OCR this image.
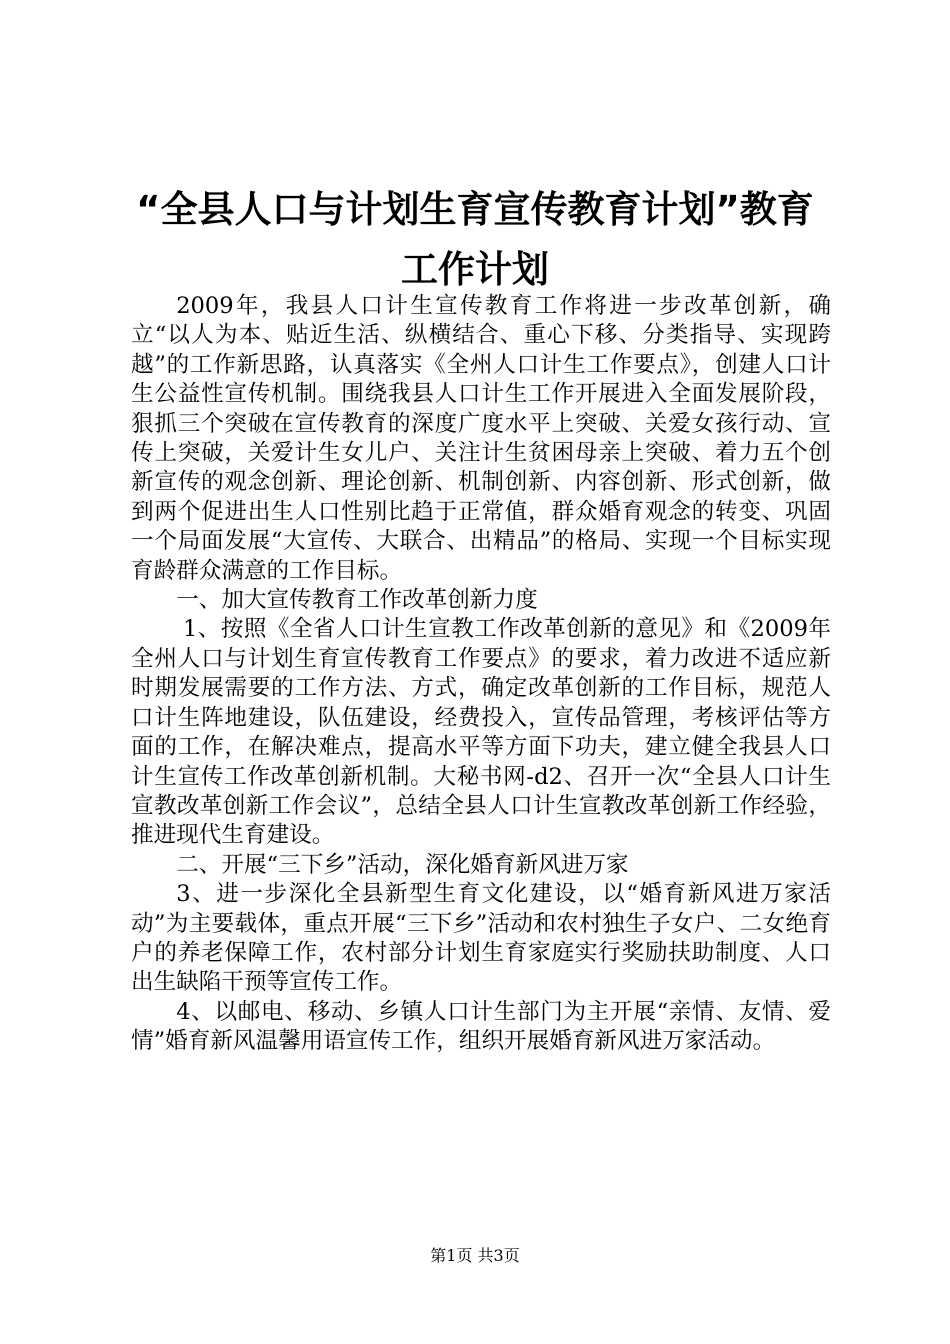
“全县人口与计划生育宣传教育计划”教育工作计划

2009年，我县人口计生宣传教育工作将进一步改革创新，确立“以人为本、贴近生活、纵横结合、重心下移、分类指导、实现跨越”的工作新思路，认真落实《全州人口计生工作要点》，创建人口计生公益性宣传机制。围绕我县人口计生工作开展进入全面发展阶段，狠抓三个突破在宣传教育的深度广度水平上突破、关爱女孩行动、宣传上突破，关爱计生女儿户、关注计生贫困母亲上突破、着力五个创新宣传的观念创新、理论创新、机制创新、内容创新、形式创新，做到两个促进出生人口性别比趋于正常值，群众婚育观念的转变、巩固一个局面发展“大宣传、大联合、出精品”的格局、实现一个目标实现育龄群众满意的工作目标。

一、加大宣传教育工作改革创新力度

1、按照《全省人口计生宣教工作改革创新的意见》和《2009年全州人口与计划生育宣传教育工作要点》的要求，着力改进不适应新时期发展需要的工作方法、方式，确定改革创新的工作目标，规范人口计生阵地建设，队伍建设，经费投入，宣传品管理，考核评估等方面的工作，在解决难点，提高水平等方面下功夫，建立健全我县人口计生宣传工作改革创新机制。大秘书网-d2、召开一次“全县人口计生宣教改革创新工作会议”，总结全县人口计生宣教改革创新工作经验，推进现代生育建设。

二、开展“三下乡”活动，深化婚育新风进万家

3、进一步深化全县新型生育文化建设，以“婚育新风进万家活动”为主要载体，重点开展“三下乡”活动和农村独生子女户、二女绝育户的养老保障工作，农村部分计划生育家庭实行奖励扶助制度、人口出生缺陷干预等宣传工作。

4、以邮电、移动、乡镇人口计生部门为主开展“亲情、友情、爱情”婚育新风温馨用语宣传工作，组织开展婚育新风进万家活动。

第1页 共3页
